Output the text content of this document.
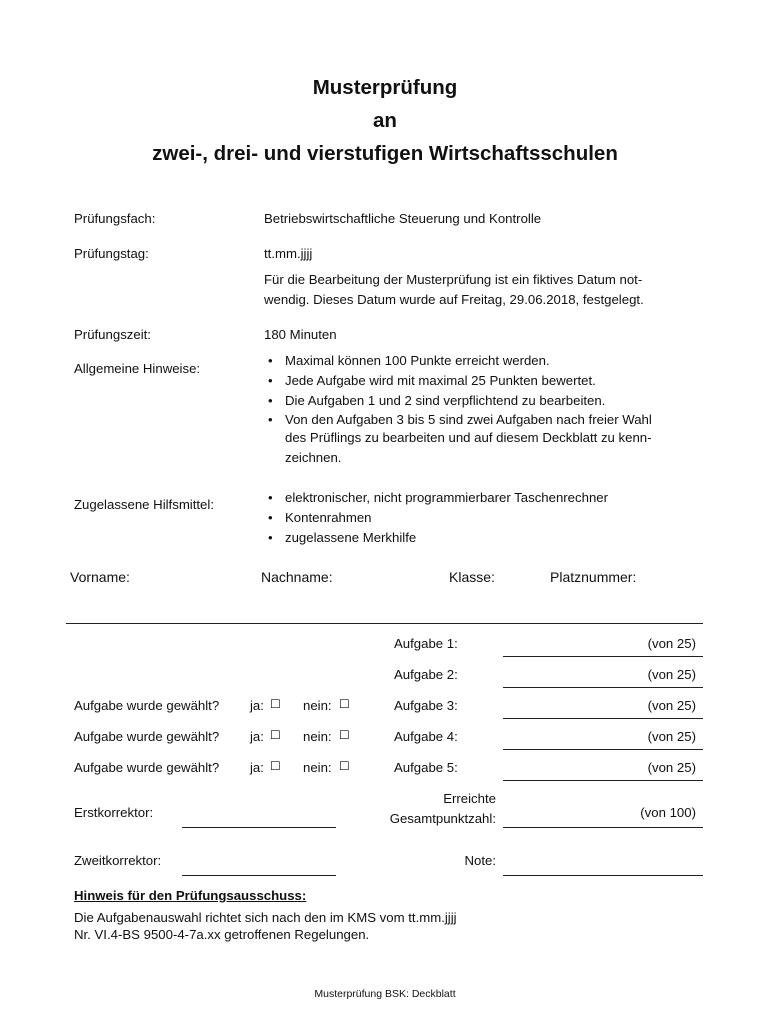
Musterprüfung
an
zwei-, drei- und vierstufigen Wirtschaftsschulen
Prüfungsfach:	Betriebswirtschaftliche Steuerung und Kontrolle
Prüfungstag:	tt.mm.jjjj
Für die Bearbeitung der Musterprüfung ist ein fiktives Datum not-
wendig. Dieses Datum wurde auf Freitag, 29.06.2018, festgelegt.
Prüfungszeit:	180 Minuten
Allgemeine Hinweise:
• Maximal können 100 Punkte erreicht werden.
• Jede Aufgabe wird mit maximal 25 Punkten bewertet.
• Die Aufgaben 1 und 2 sind verpflichtend zu bearbeiten.
• Von den Aufgaben 3 bis 5 sind zwei Aufgaben nach freier Wahl
des Prüflings zu bearbeiten und auf diesem Deckblatt zu kenn-
zeichnen.
Zugelassene Hilfsmittel:
•	elektronischer, nicht programmierbarer Taschenrechner
• Kontenrahmen
• zugelassene Merkhilfe
Vorname:	Nachname:	Klasse:	Platznummer:
Aufgabe 1:	(von 25)
Aufgabe 2:	(von 25)
Aufgabe wurde gewählt? ja: ☐ nein: ☐	Aufgabe 3:	(von 25)
Aufgabe wurde gewählt? ja: ☐ nein: ☐	Aufgabe 4:	(von 25)
Aufgabe wurde gewählt? ja: ☐ nein: ☐	Aufgabe 5:	(von 25)
Erstkorrektor:
Erreichte
Gesamtpunktzahl:	(von 100)
Zweitkorrektor:	Note:
Hinweis für den Prüfungsausschuss:
Die Aufgabenauswahl richtet sich nach den im KMS vom tt.mm.jjjj
Nr. VI.4-BS 9500-4-7a.xx getroffenen Regelungen.
Musterprüfung BSK: Deckblatt
